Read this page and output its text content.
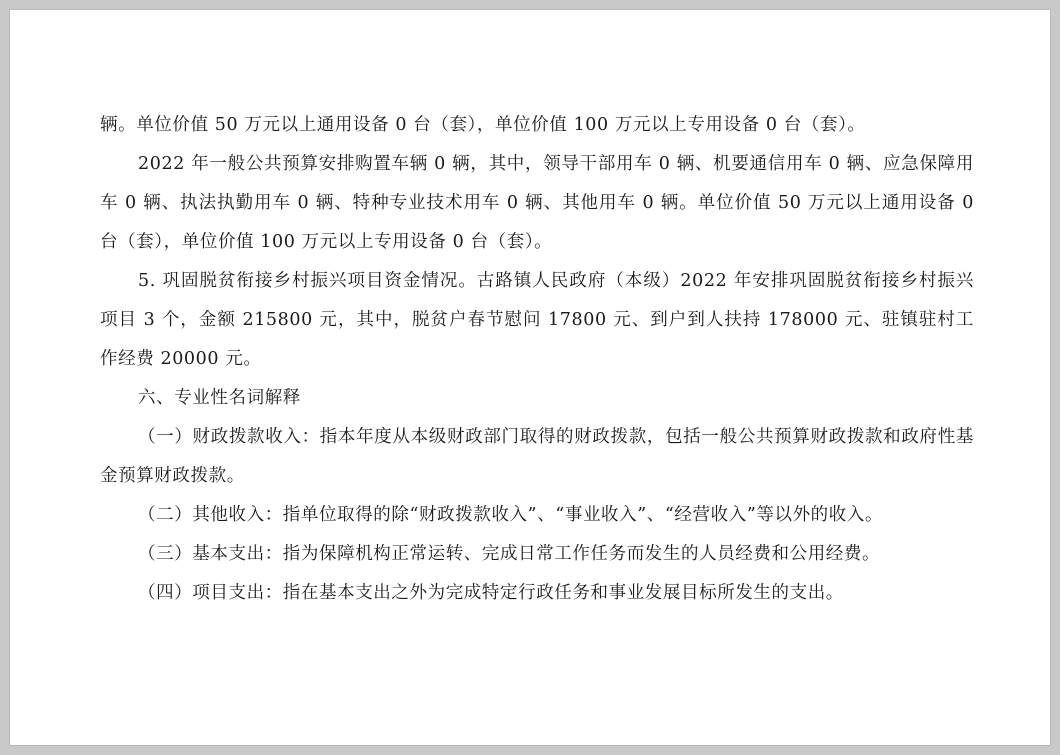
辆。单位价值 50 万元以上通用设备 0 台（套），单位价值 100 万元以上专用设备 0 台（套）。

2022 年一般公共预算安排购置车辆 0 辆，其中，领导干部用车 0 辆、机要通信用车 0 辆、应急保障用车 0 辆、执法执勤用车 0 辆、特种专业技术用车 0 辆、其他用车 0 辆。单位价值 50 万元以上通用设备 0 台（套），单位价值 100 万元以上专用设备 0 台（套）。

5. 巩固脱贫衔接乡村振兴项目资金情况。古路镇人民政府（本级）2022 年安排巩固脱贫衔接乡村振兴项目 3 个，金额 215800 元，其中，脱贫户春节慰问 17800 元、到户到人扶持 178000 元、驻镇驻村工作经费 20000 元。

六、专业性名词解释

（一）财政拨款收入：指本年度从本级财政部门取得的财政拨款，包括一般公共预算财政拨款和政府性基金预算财政拨款。

（二）其他收入：指单位取得的除“财政拨款收入”、“事业收入”、“经营收入”等以外的收入。

（三）基本支出：指为保障机构正常运转、完成日常工作任务而发生的人员经费和公用经费。

（四）项目支出：指在基本支出之外为完成特定行政任务和事业发展目标所发生的支出。
